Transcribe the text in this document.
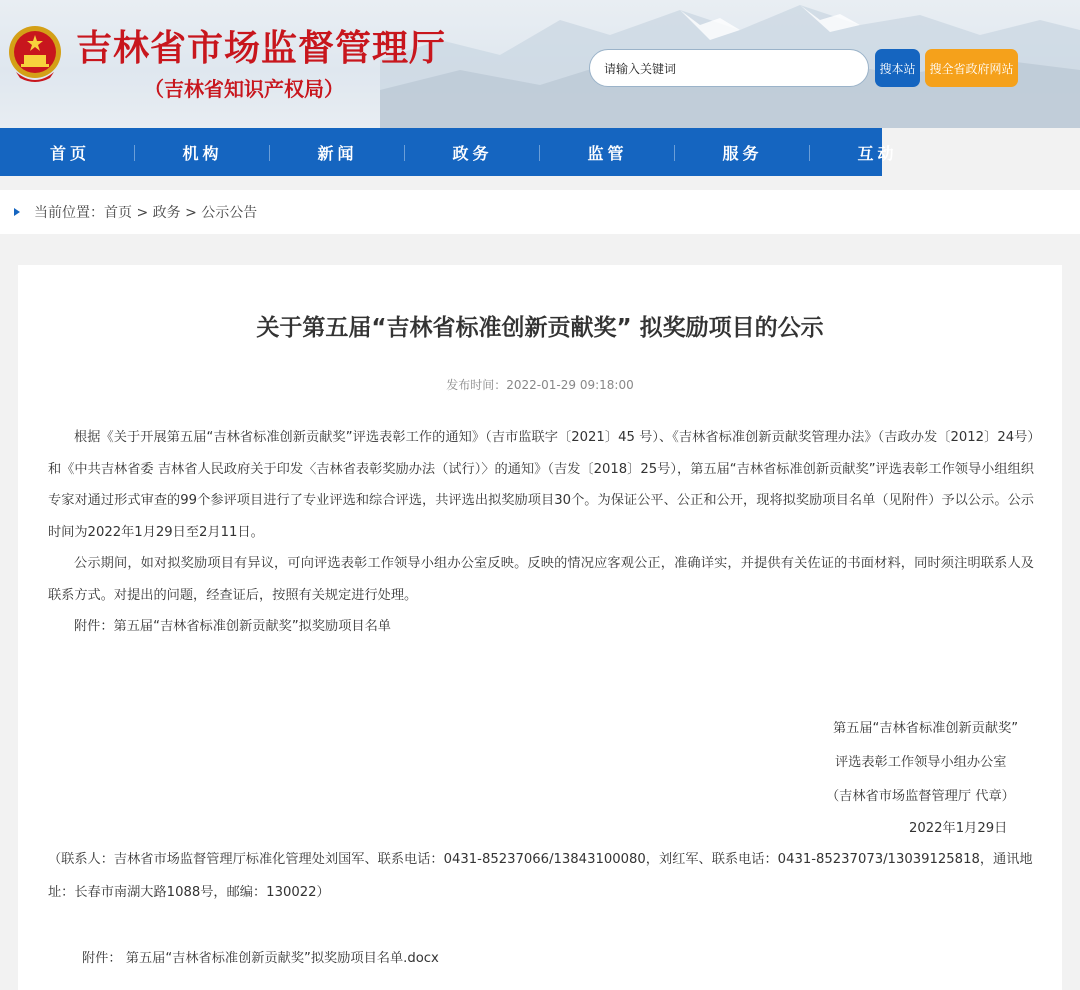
吉林省市场监督管理厅
（吉林省知识产权局）
请输入关键词	搜本站	搜全省政府网站
首页	机构	新闻	政务	监管	服务	互动
当前位置：首页 > 政务 > 公示公告
关于第五届“吉林省标准创新贡献奖” 拟奖励项目的公示
发布时间：2022-01-29 09:18:00

根据《关于开展第五届“吉林省标准创新贡献奖”评选表彰工作的通知》（吉市监联字〔2021〕45 号）、《吉林省标准创新贡献奖管理办法》（吉政办发〔2012〕24号）和《中共吉林省委 吉林省人民政府关于印发〈吉林省表彰奖励办法（试行）〉的通知》（吉发〔2018〕25号），第五届“吉林省标准创新贡献奖”评选表彰工作领导小组组织专家对通过形式审查的99个参评项目进行了专业评选和综合评选，共评选出拟奖励项目30个。为保证公平、公正和公开，现将拟奖励项目名单（见附件）予以公示。公示时间为2022年1月29日至2月11日。

公示期间，如对拟奖励项目有异议，可向评选表彰工作领导小组办公室反映。反映的情况应客观公正，准确详实，并提供有关佐证的书面材料，同时须注明联系人及联系方式。对提出的问题，经查证后，按照有关规定进行处理。

附件：第五届“吉林省标准创新贡献奖”拟奖励项目名单

第五届“吉林省标准创新贡献奖”
评选表彰工作领导小组办公室
（吉林省市场监督管理厅 代章）
2022年1月29日
（联系人：吉林省市场监督管理厅标准化管理处刘国军、联系电话：0431-85237066/13843100080，刘红军、联系电话：0431-85237073/13039125818，通讯地址：长春市南湖大路1088号，邮编：130022）
附件： 第五届“吉林省标准创新贡献奖”拟奖励项目名单.docx
